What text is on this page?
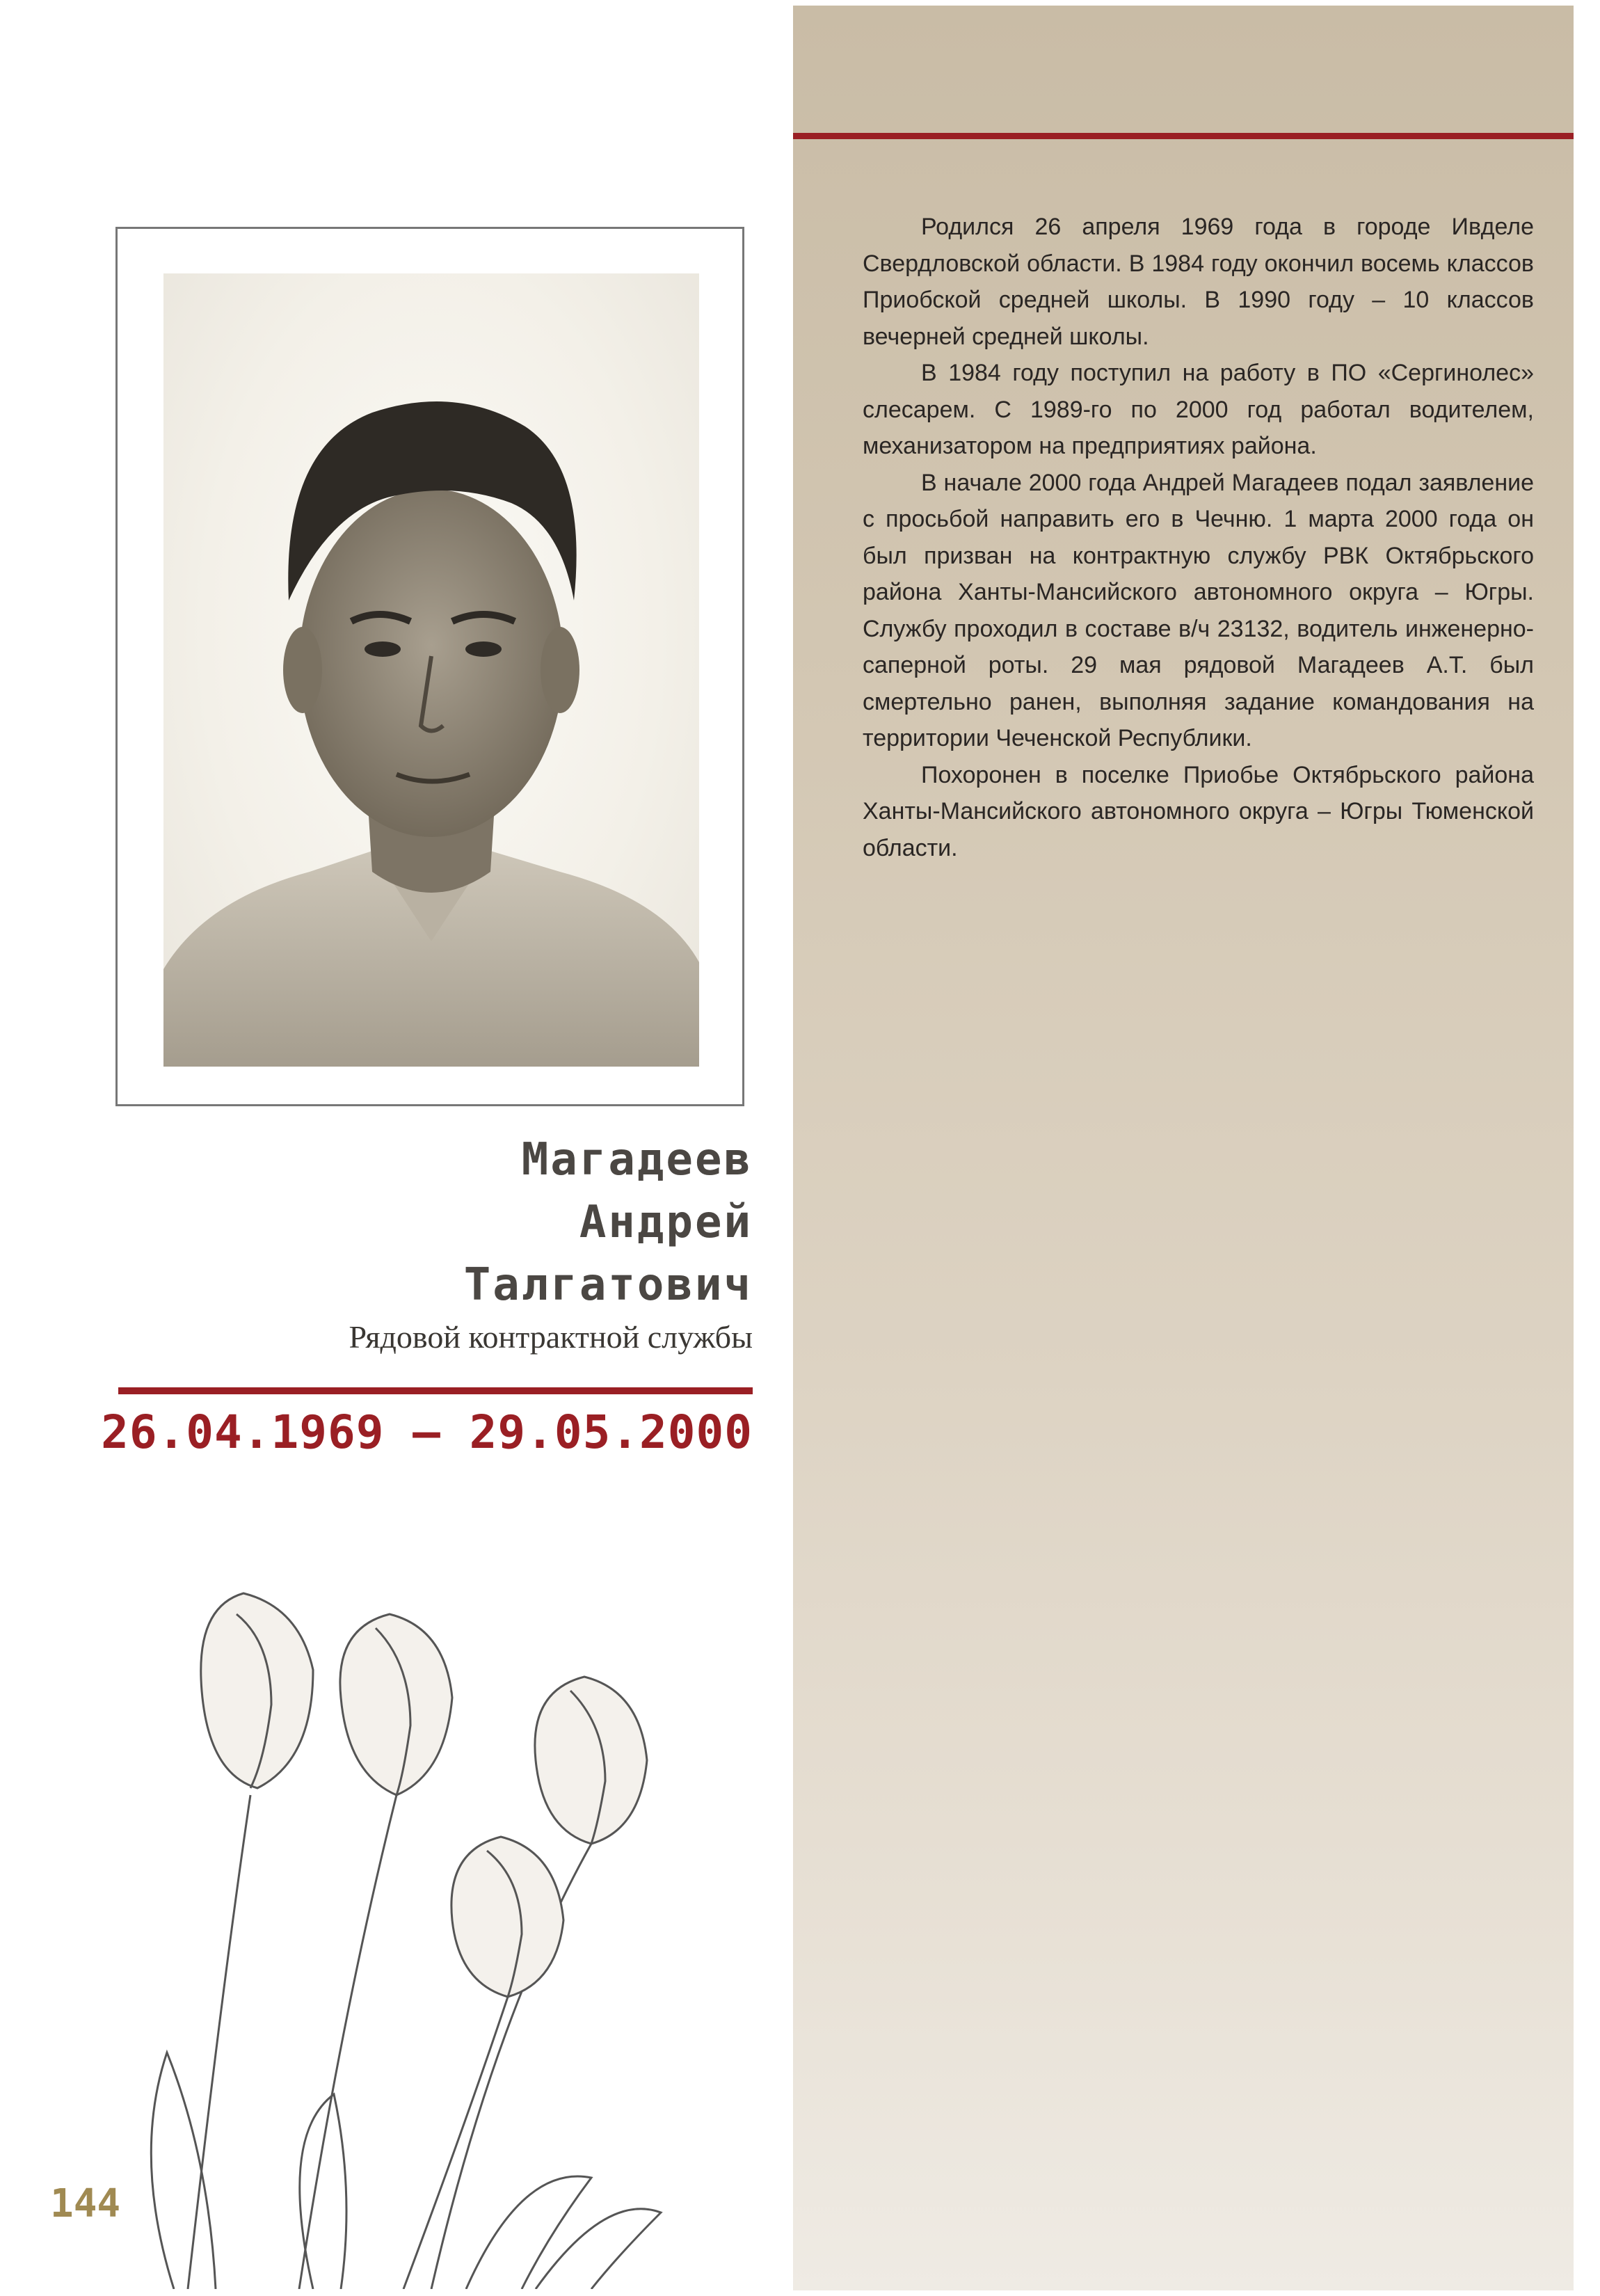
Родился 26 апреля 1969 года в городе Ивделе Свердловской области. В 1984 году окончил восемь классов Приобской средней школы. В 1990 году – 10 классов вечерней средней школы.

В 1984 году поступил на работу в ПО «Сергинолес» слесарем. С 1989-го по 2000 год работал водителем, механизатором на предприятиях района.

В начале 2000 года Андрей Магадеев подал заявление с просьбой направить его в Чечню. 1 марта 2000 года он был призван на контрактную службу РВК Октябрьского района Ханты-Мансийского автономного округа – Югры. Службу проходил в составе в/ч 23132, водитель инженерно-саперной роты. 29 мая рядовой Магадеев А.Т. был смертельно ранен, выполняя задание командования на территории Чеченской Республики.

Похоронен в поселке Приобье Октябрьского района Ханты-Мансийского автономного округа – Югры Тюменской области.

Магадеев
Андрей
Талгатович
Рядовой контрактной службы
26.04.1969 – 29.05.2000
144
